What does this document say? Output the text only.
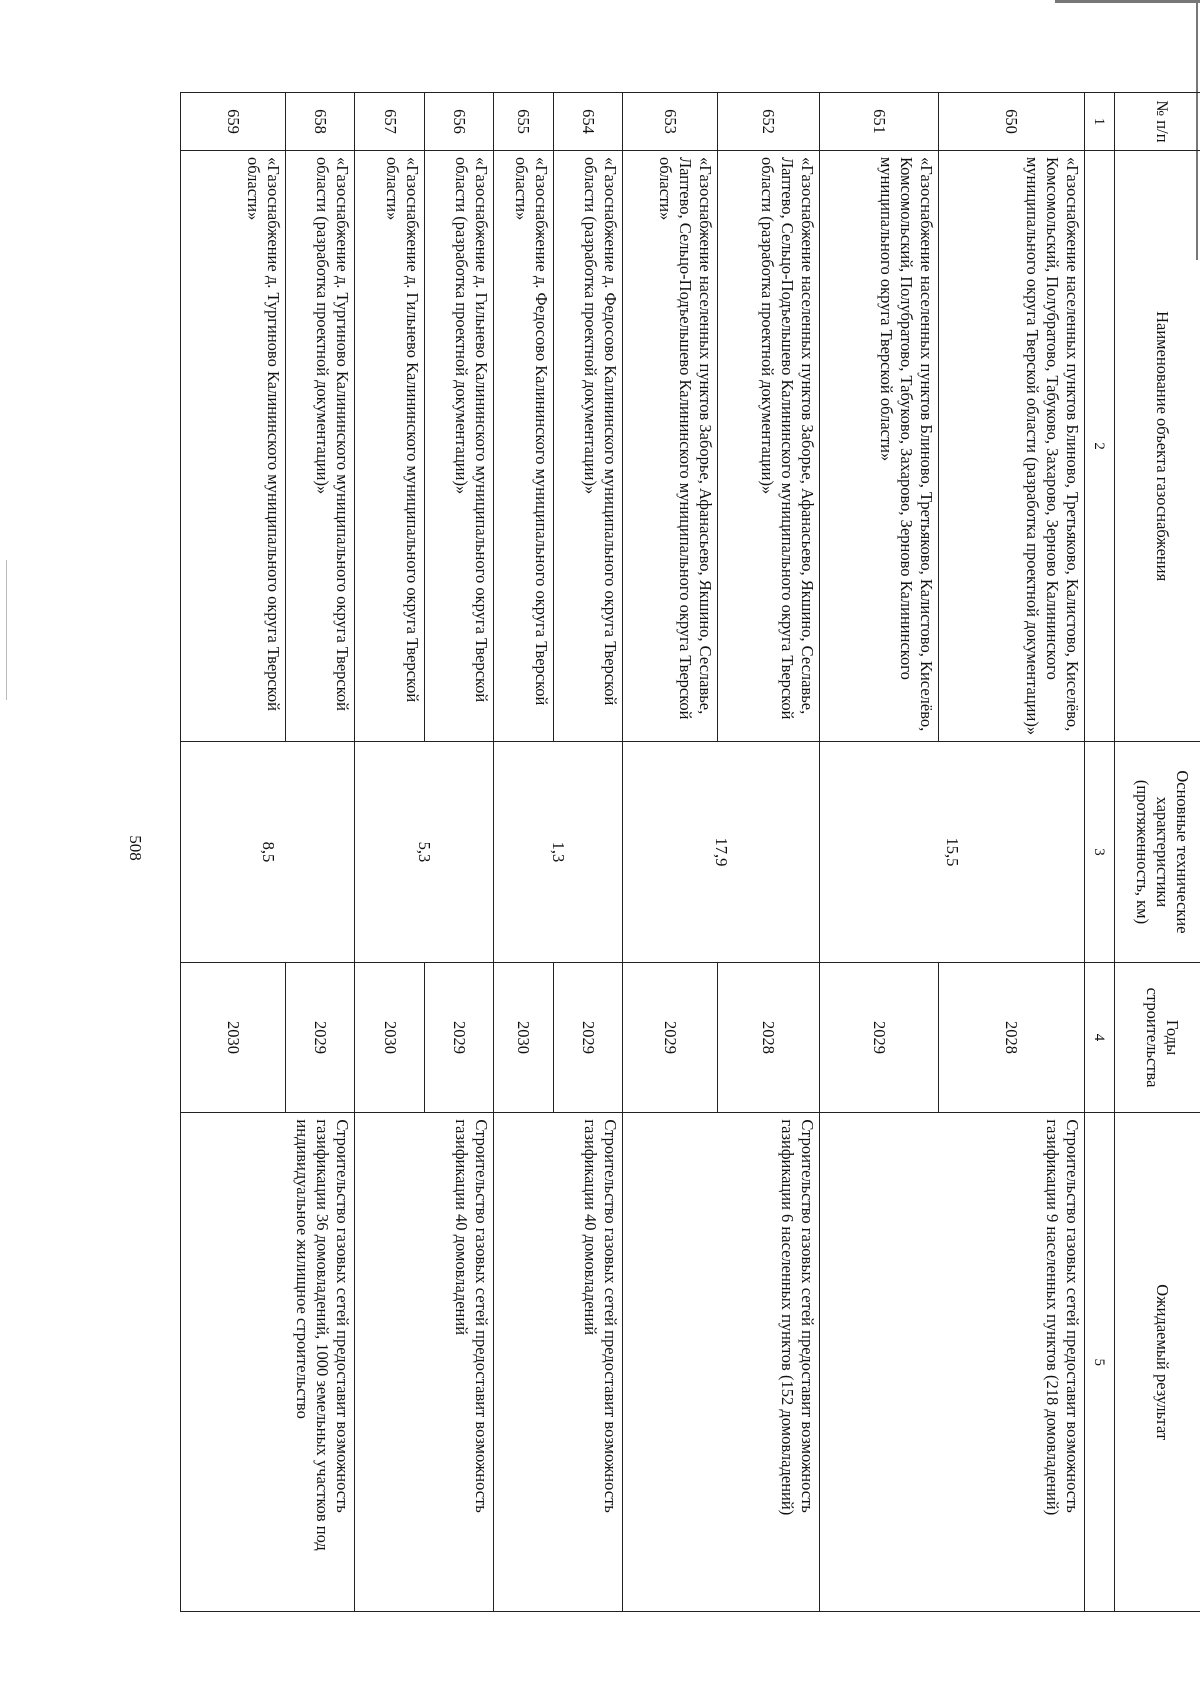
508
№ п/п	Наименование объекта газоснабжения	Основные технические характеристики (протяженность, км)	Годы строительства	Ожидаемый результат
1	2	3	4	5
650	«Газоснабжение населенных пунктов Блиново, Третьяково, Калистово, Киселёво, Комсомольский, Полубратово, Табуково, Захарово, Зерново Калининского муниципального округа Тверской области (разработка проектной документации)»	15,5	2028	Строительство газовых сетей предоставит возможность газификации 9 населенных пунктов (218 домовладений)
651	«Газоснабжение населенных пунктов Блиново, Третьяково, Калистово, Киселёво, Комсомольский, Полубратово, Табуково, Захарово, Зерново Калининского муниципального округа Тверской области»		2029	
652	«Газоснабжение населенных пунктов Заборье, Афанасьево, Якшино, Сеславье, Лаптево, Сельцо-Подъельшево Калининского муниципального округа Тверской области (разработка проектной документации)»	17,9	2028	Строительство газовых сетей предоставит возможность газификации 6 населенных пунктов (152 домовладений)
653	«Газоснабжение населенных пунктов Заборье, Афанасьево, Якшино, Сеславье, Лаптево, Сельцо-Подъельшево Калининского муниципального округа Тверской области»		2029	
654	«Газоснабжение д. Федосово Калининского муниципального округа Тверской области (разработка проектной документации)»	1,3	2029	Строительство газовых сетей предоставит возможность газификации 40 домовладений
655	«Газоснабжение д. Федосово Калининского муниципального округа Тверской области»		2030	
656	«Газоснабжение д. Гильнево Калининского муниципального округа Тверской области (разработка проектной документации)»	5,3	2029	Строительство газовых сетей предоставит возможность газификации 40 домовладений
657	«Газоснабжение д. Гильнево Калининского муниципального округа Тверской области»		2030	
658	«Газоснабжение д. Тургиново Калининского муниципального округа Тверской области (разработка проектной документации)»	8,5	2029	Строительство газовых сетей предоставит возможность газификации 36 домовладений, 1000 земельных участков под индивидуальное жилищное строительство
659	«Газоснабжение д. Тургиново Калининского муниципального округа Тверской области»		2030	
